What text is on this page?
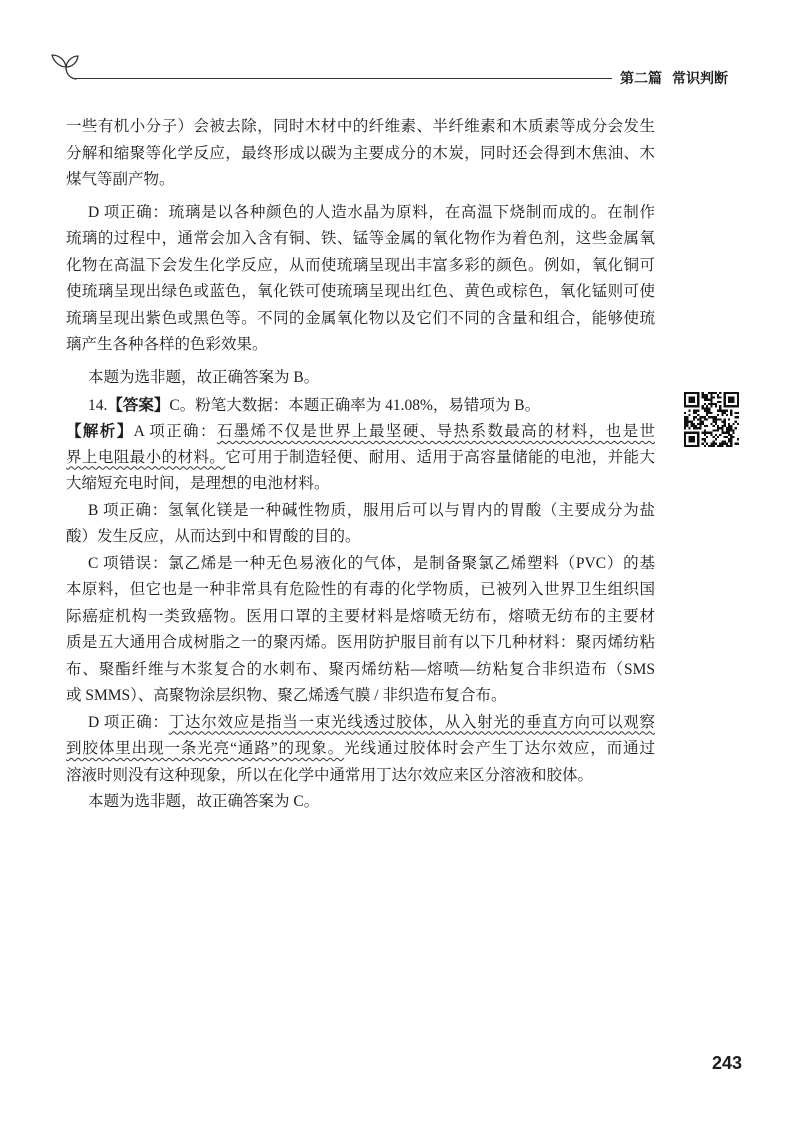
第二篇 常识判断
一些有机小分子）会被去除，同时木材中的纤维素、半纤维素和木质素等成分会发生
分解和缩聚等化学反应，最终形成以碳为主要成分的木炭，同时还会得到木焦油、木
煤气等副产物。
D 项正确：琉璃是以各种颜色的人造水晶为原料，在高温下烧制而成的。在制作
琉璃的过程中，通常会加入含有铜、铁、锰等金属的氧化物作为着色剂，这些金属氧
化物在高温下会发生化学反应，从而使琉璃呈现出丰富多彩的颜色。例如，氧化铜可
使琉璃呈现出绿色或蓝色，氧化铁可使琉璃呈现出红色、黄色或棕色，氧化锰则可使
琉璃呈现出紫色或黑色等。不同的金属氧化物以及它们不同的含量和组合，能够使琉
璃产生各种各样的色彩效果。
本题为选非题，故正确答案为 B。
14.【答案】C。粉笔大数据：本题正确率为 41.08%，易错项为 B。
【解析】A 项正确：石墨烯不仅是世界上最坚硬、导热系数最高的材料，也是世
界上电阻最小的材料。它可用于制造轻便、耐用、适用于高容量储能的电池，并能大
大缩短充电时间，是理想的电池材料。
B 项正确：氢氧化镁是一种碱性物质，服用后可以与胃内的胃酸（主要成分为盐
酸）发生反应，从而达到中和胃酸的目的。
C 项错误：氯乙烯是一种无色易液化的气体，是制备聚氯乙烯塑料（PVC）的基
本原料，但它也是一种非常具有危险性的有毒的化学物质，已被列入世界卫生组织国
际癌症机构一类致癌物。医用口罩的主要材料是熔喷无纺布，熔喷无纺布的主要材
质是五大通用合成树脂之一的聚丙烯。医用防护服目前有以下几种材料：聚丙烯纺粘
布、聚酯纤维与木浆复合的水刺布、聚丙烯纺粘—熔喷—纺粘复合非织造布（SMS
或 SMMS）、高聚物涂层织物、聚乙烯透气膜 / 非织造布复合布。
D 项正确：丁达尔效应是指当一束光线透过胶体，从入射光的垂直方向可以观察
到胶体里出现一条光亮“通路”的现象。光线通过胶体时会产生丁达尔效应，而通过
溶液时则没有这种现象，所以在化学中通常用丁达尔效应来区分溶液和胶体。
本题为选非题，故正确答案为 C。
243
